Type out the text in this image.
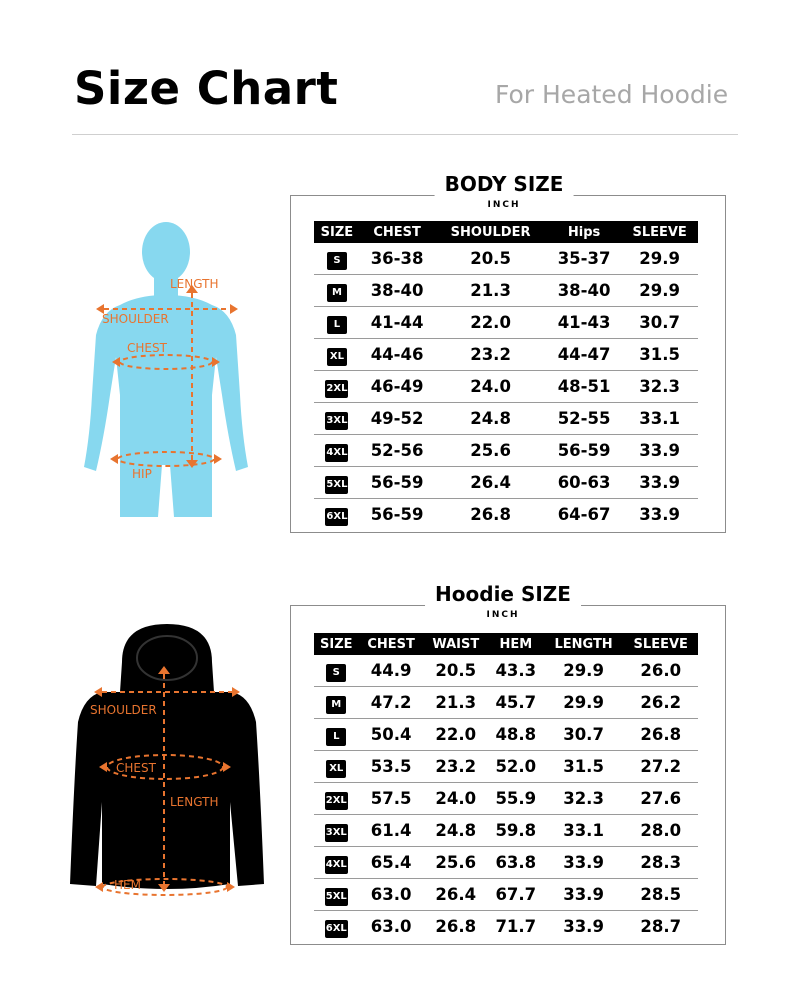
Size Chart	For Heated Hoodie
LENGTH
SHOULDER
CHEST
HIP
BODY SIZE
INCH
SIZE	CHEST	SHOULDER	Hips	SLEEVE
S	36-38	20.5	35-37	29.9
M	38-40	21.3	38-40	29.9
L	41-44	22.0	41-43	30.7
XL	44-46	23.2	44-47	31.5
2XL	46-49	24.0	48-51	32.3
3XL	49-52	24.8	52-55	33.1
4XL	52-56	25.6	56-59	33.9
5XL	56-59	26.4	60-63	33.9
6XL	56-59	26.8	64-67	33.9
SHOULDER
CHEST
LENGTH
HEM
Hoodie SIZE
INCH
SIZE	CHEST	WAIST	HEM	LENGTH	SLEEVE
S	44.9	20.5	43.3	29.9	26.0
M	47.2	21.3	45.7	29.9	26.2
L	50.4	22.0	48.8	30.7	26.8
XL	53.5	23.2	52.0	31.5	27.2
2XL	57.5	24.0	55.9	32.3	27.6
3XL	61.4	24.8	59.8	33.1	28.0
4XL	65.4	25.6	63.8	33.9	28.3
5XL	63.0	26.4	67.7	33.9	28.5
6XL	63.0	26.8	71.7	33.9	28.7
